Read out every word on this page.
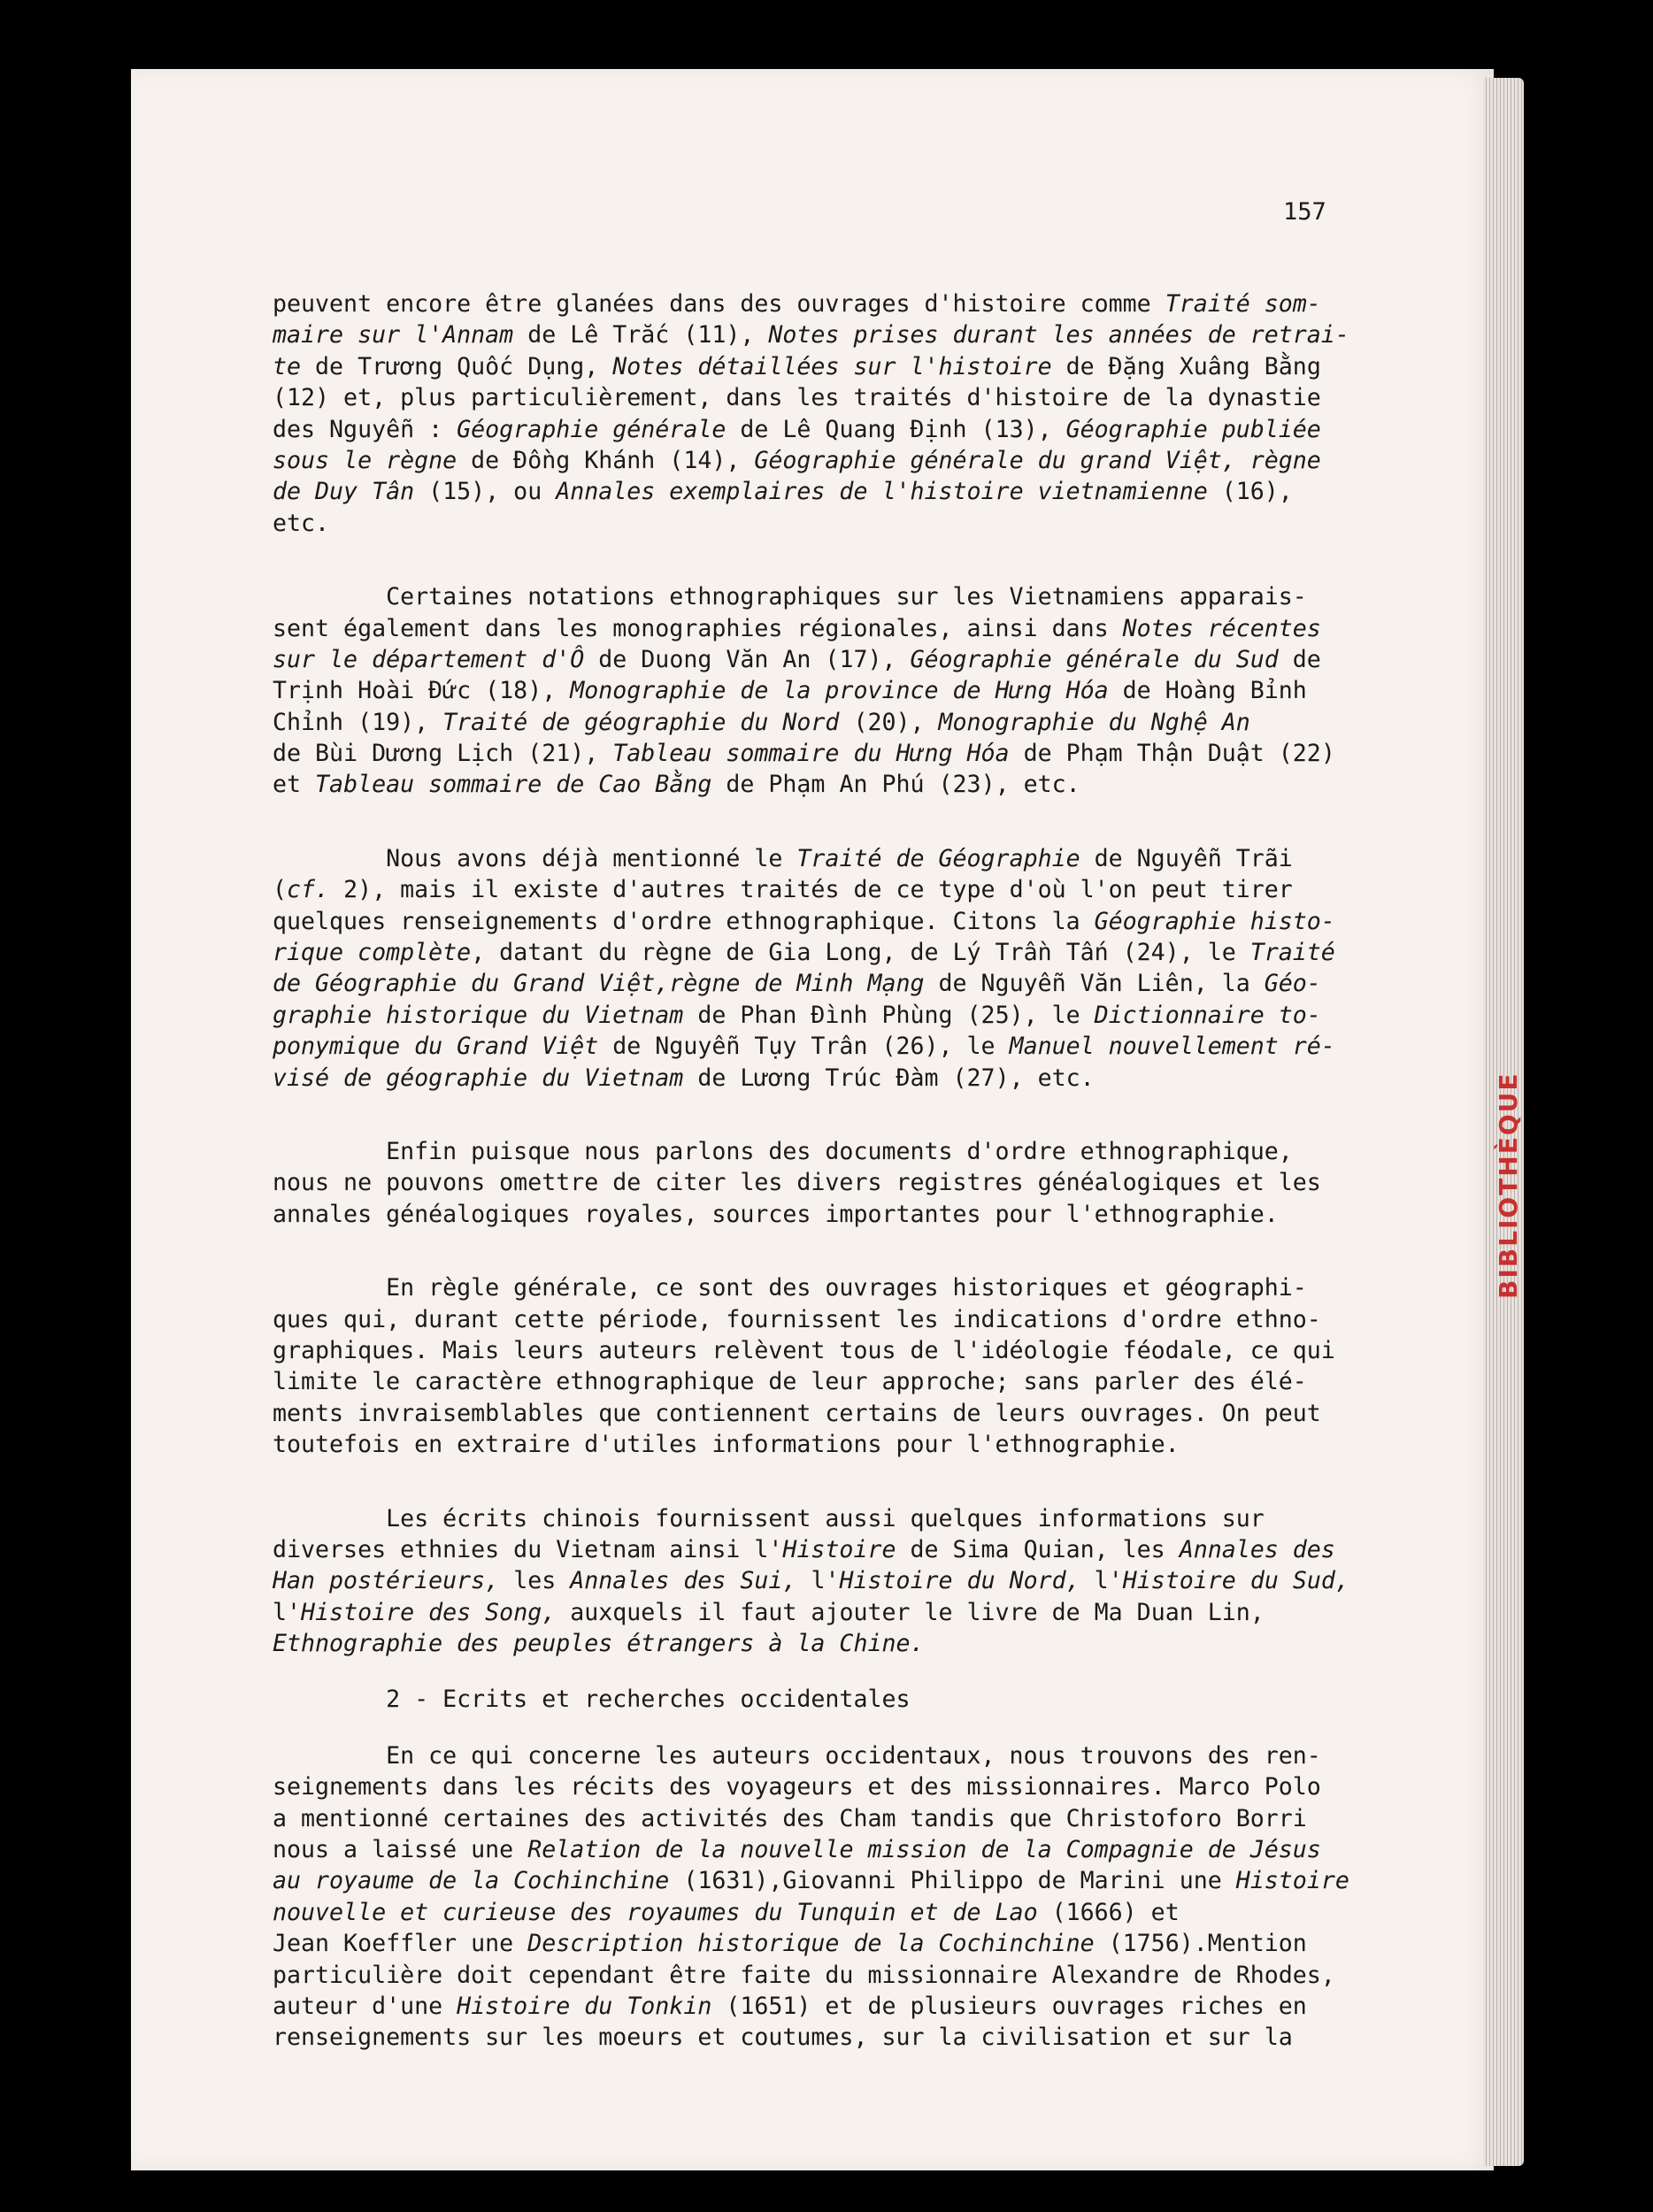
BIBLIOTHÈQUE
157
peuvent encore être glanées dans des ouvrages d'histoire comme Traité som-
maire sur l'Annam de Lê Trắc (11), Notes prises durant les années de retrai-
te de Trương Quốc Dụng, Notes détaillées sur l'histoire de Đặng Xuâng Bằng
(12) et, plus particulièrement, dans les traités d'histoire de la dynastie
des Nguyễn : Géographie générale de Lê Quang Định (13), Géographie publiée
sous le règne de Đồng Khánh (14), Géographie générale du grand Việt, règne
de Duy Tân (15), ou Annales exemplaires de l'histoire vietnamienne (16),
etc.
Certaines notations ethnographiques sur les Vietnamiens apparais-
sent également dans les monographies régionales, ainsi dans Notes récentes
sur le département d'Ô de Duong Văn An (17), Géographie générale du Sud de
Trịnh Hoài Đức (18), Monographie de la province de Hưng Hóa de Hoàng Bỉnh
Chỉnh (19), Traité de géographie du Nord (20), Monographie du Nghệ An
de Bùi Dương Lịch (21), Tableau sommaire du Hưng Hóa de Phạm Thận Duật (22)
et Tableau sommaire de Cao Bằng de Phạm An Phú (23), etc.
Nous avons déjà mentionné le Traité de Géographie de Nguyễn Trãi
(cf. 2), mais il existe d'autres traités de ce type d'où l'on peut tirer
quelques renseignements d'ordre ethnographique. Citons la Géographie histo-
rique complète, datant du règne de Gia Long, de Lý Trần Tấn (24), le Traité
de Géographie du Grand Việt,règne de Minh Mạng de Nguyễn Văn Liên, la Géo-
graphie historique du Vietnam de Phan Đình Phùng (25), le Dictionnaire to-
ponymique du Grand Việt de Nguyễn Tụy Trân (26), le Manuel nouvellement ré-
visé de géographie du Vietnam de Lương Trúc Đàm (27), etc.
Enfin puisque nous parlons des documents d'ordre ethnographique,
nous ne pouvons omettre de citer les divers registres généalogiques et les
annales généalogiques royales, sources importantes pour l'ethnographie.
En règle générale, ce sont des ouvrages historiques et géographi-
ques qui, durant cette période, fournissent les indications d'ordre ethno-
graphiques. Mais leurs auteurs relèvent tous de l'idéologie féodale, ce qui
limite le caractère ethnographique de leur approche; sans parler des élé-
ments invraisemblables que contiennent certains de leurs ouvrages. On peut
toutefois en extraire d'utiles informations pour l'ethnographie.
Les écrits chinois fournissent aussi quelques informations sur
diverses ethnies du Vietnam ainsi l'Histoire de Sima Quian, les Annales des
Han postérieurs, les Annales des Sui, l'Histoire du Nord, l'Histoire du Sud,
l'Histoire des Song, auxquels il faut ajouter le livre de Ma Duan Lin,
Ethnographie des peuples étrangers à la Chine.
2 - Ecrits et recherches occidentales
En ce qui concerne les auteurs occidentaux, nous trouvons des ren-
seignements dans les récits des voyageurs et des missionnaires. Marco Polo
a mentionné certaines des activités des Cham tandis que Christoforo Borri
nous a laissé une Relation de la nouvelle mission de la Compagnie de Jésus
au royaume de la Cochinchine (1631),Giovanni Philippo de Marini une Histoire
nouvelle et curieuse des royaumes du Tunquin et de Lao (1666) et
Jean Koeffler une Description historique de la Cochinchine (1756).Mention
particulière doit cependant être faite du missionnaire Alexandre de Rhodes,
auteur d'une Histoire du Tonkin (1651) et de plusieurs ouvrages riches en
renseignements sur les moeurs et coutumes, sur la civilisation et sur la
